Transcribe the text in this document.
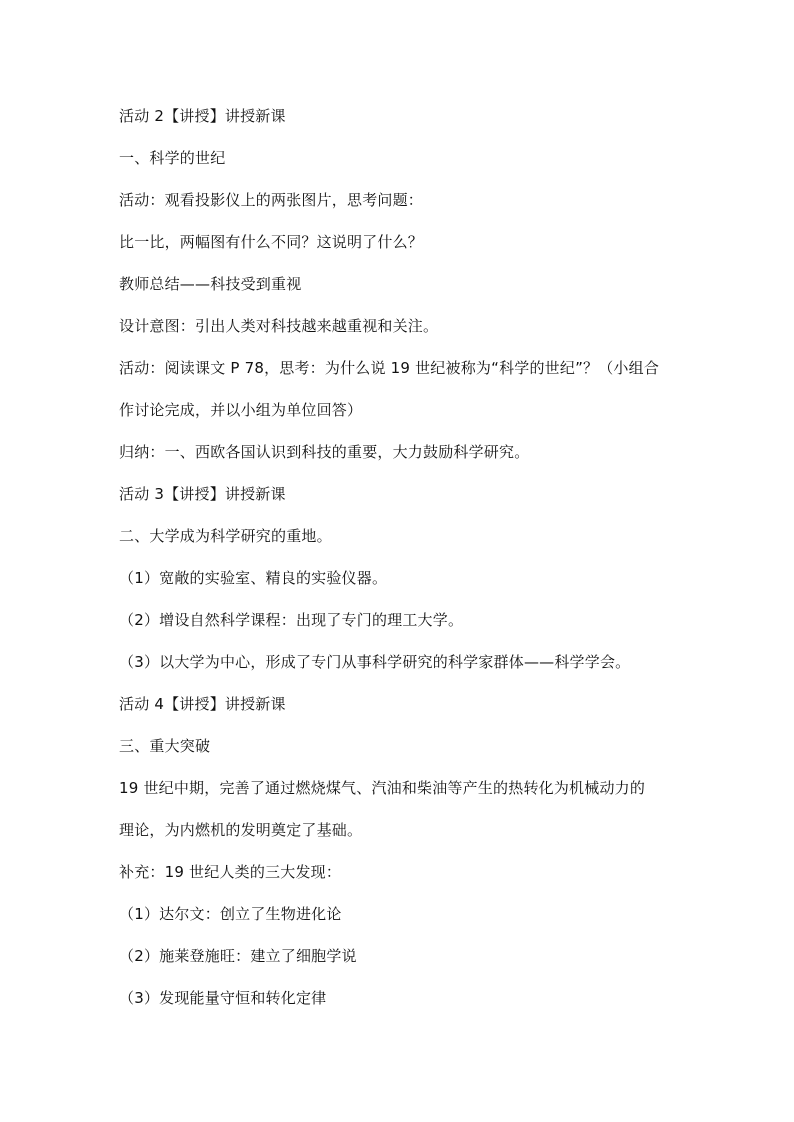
活动 2【讲授】讲授新课
一、科学的世纪
活动：观看投影仪上的两张图片，思考问题：
比一比，两幅图有什么不同？这说明了什么？
教师总结——科技受到重视
设计意图：引出人类对科技越来越重视和关注。
活动：阅读课文 P 78，思考：为什么说 19 世纪被称为“科学的世纪”？（小组合
作讨论完成，并以小组为单位回答）
归纳：一、西欧各国认识到科技的重要，大力鼓励科学研究。
活动 3【讲授】讲授新课
二、大学成为科学研究的重地。
（1）宽敞的实验室、精良的实验仪器。
（2）增设自然科学课程：出现了专门的理工大学。
（3）以大学为中心，形成了专门从事科学研究的科学家群体——科学学会。
活动 4【讲授】讲授新课
三、重大突破
19 世纪中期，完善了通过燃烧煤气、汽油和柴油等产生的热转化为机械动力的
理论，为内燃机的发明奠定了基础。
补充：19 世纪人类的三大发现：
（1）达尔文：创立了生物进化论
（2）施莱登施旺：建立了细胞学说
（3）发现能量守恒和转化定律
